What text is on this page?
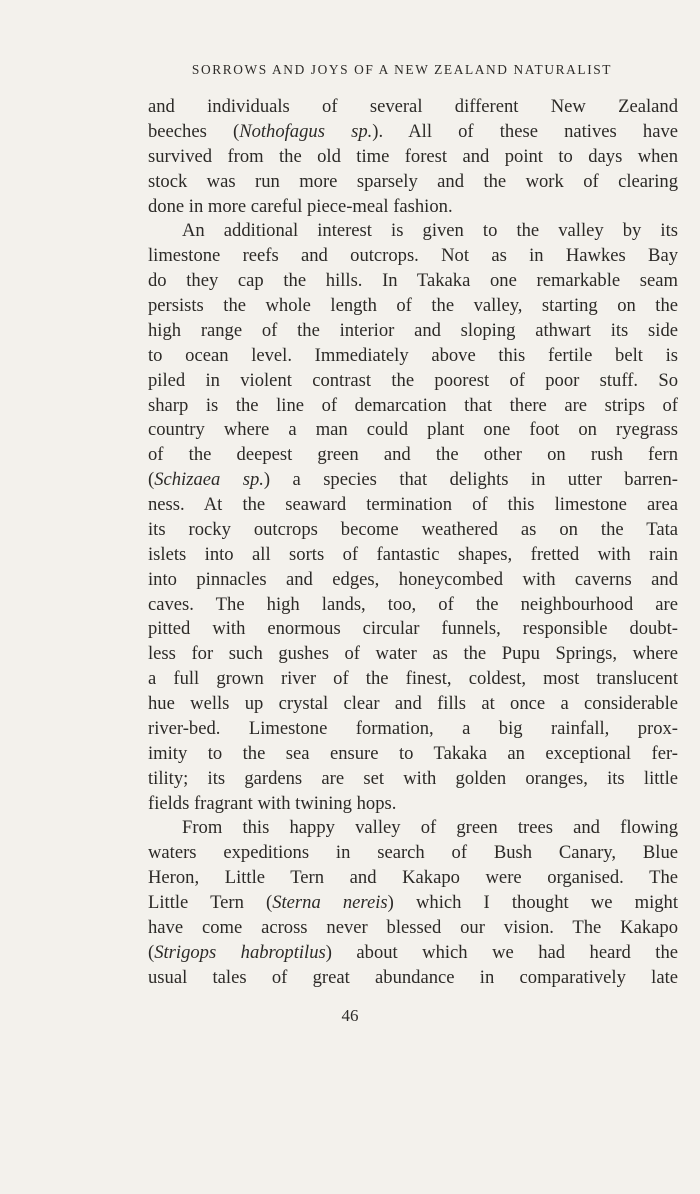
SORROWS AND JOYS OF A NEW ZEALAND NATURALIST
and individuals of several different New Zealand
beeches (Nothofagus sp.). All of these natives have
survived from the old time forest and point to days when
stock was run more sparsely and the work of clearing
done in more careful piece-meal fashion.
An additional interest is given to the valley by its
limestone reefs and outcrops. Not as in Hawkes Bay
do they cap the hills. In Takaka one remarkable seam
persists the whole length of the valley, starting on the
high range of the interior and sloping athwart its side
to ocean level. Immediately above this fertile belt is
piled in violent contrast the poorest of poor stuff. So
sharp is the line of demarcation that there are strips of
country where a man could plant one foot on ryegrass
of the deepest green and the other on rush fern
(Schizaea sp.) a species that delights in utter barren-
ness. At the seaward termination of this limestone area
its rocky outcrops become weathered as on the Tata
islets into all sorts of fantastic shapes, fretted with rain
into pinnacles and edges, honeycombed with caverns and
caves. The high lands, too, of the neighbourhood are
pitted with enormous circular funnels, responsible doubt-
less for such gushes of water as the Pupu Springs, where
a full grown river of the finest, coldest, most translucent
hue wells up crystal clear and fills at once a considerable
river-bed. Limestone formation, a big rainfall, prox-
imity to the sea ensure to Takaka an exceptional fer-
tility; its gardens are set with golden oranges, its little
fields fragrant with twining hops.
From this happy valley of green trees and flowing
waters expeditions in search of Bush Canary, Blue
Heron, Little Tern and Kakapo were organised. The
Little Tern (Sterna nereis) which I thought we might
have come across never blessed our vision. The Kakapo
(Strigops habroptilus) about which we had heard the
usual tales of great abundance in comparatively late
46
